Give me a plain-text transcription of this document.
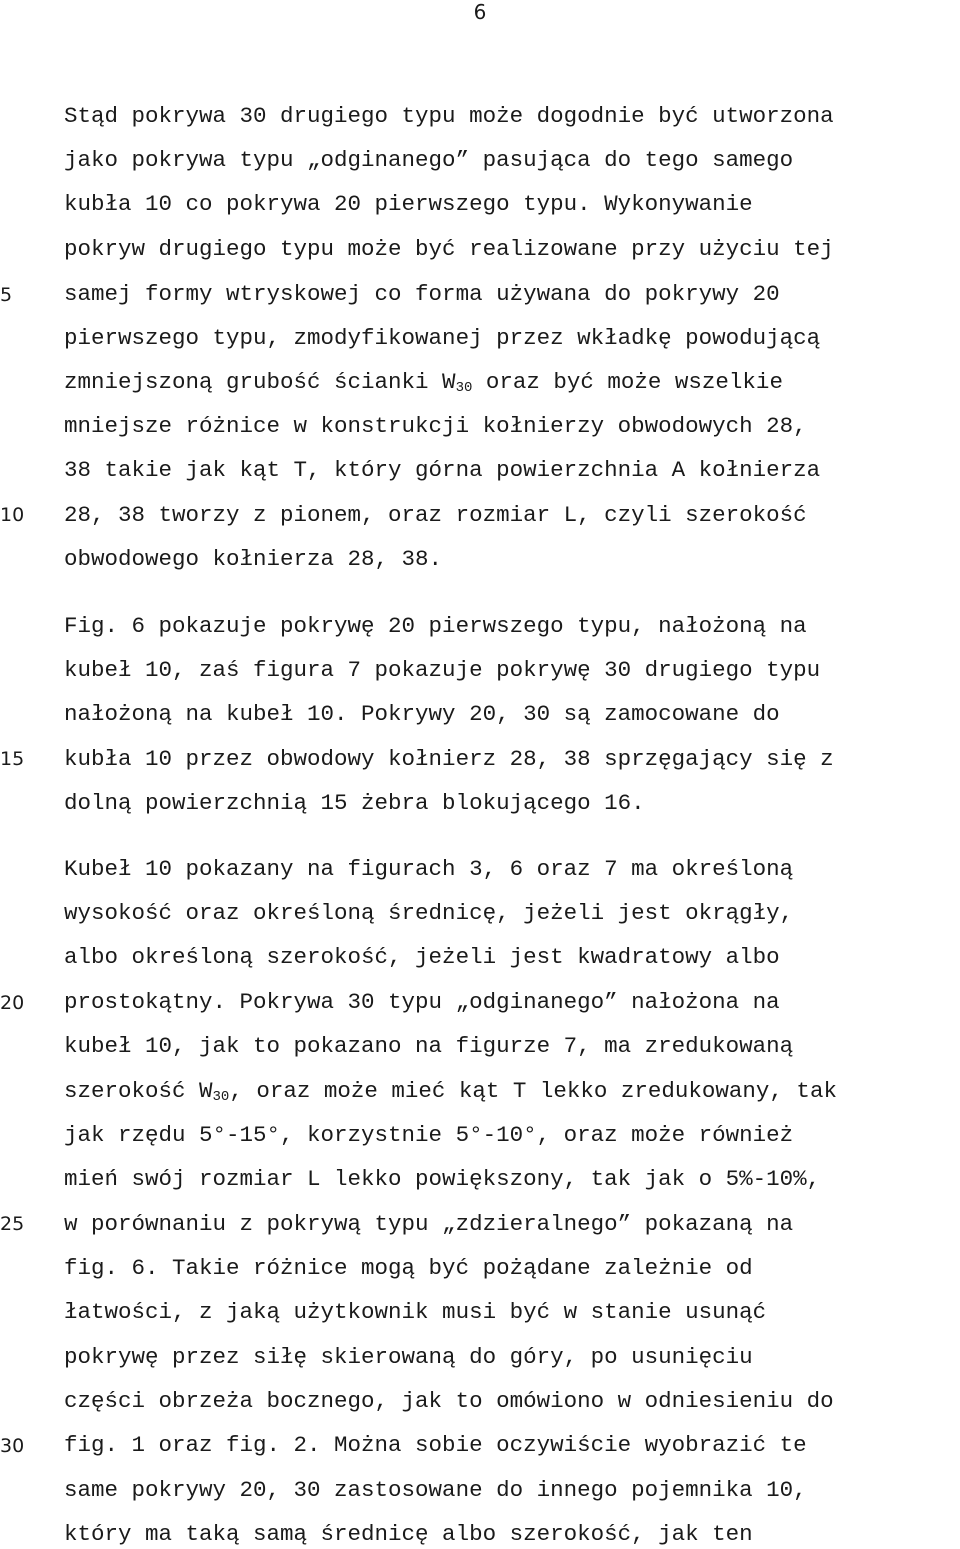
6
5
10
15
20
25
30
Stąd pokrywa 30 drugiego typu może dogodnie być utworzona
jako pokrywa typu „odginanego” pasująca do tego samego
kubła 10 co pokrywa 20 pierwszego typu. Wykonywanie
pokryw drugiego typu może być realizowane przy użyciu tej
samej formy wtryskowej co forma używana do pokrywy 20
pierwszego typu, zmodyfikowanej przez wkładkę powodującą
zmniejszoną grubość ścianki $W_{30}$ oraz być może wszelkie
mniejsze różnice w konstrukcji kołnierzy obwodowych 28,
38 takie jak kąt T, który górna powierzchnia A kołnierza
28, 38 tworzy z pionem, oraz rozmiar L, czyli szerokość
obwodowego kołnierza 28, 38.
Fig. 6 pokazuje pokrywę 20 pierwszego typu, nałożoną na
kubeł 10, zaś figura 7 pokazuje pokrywę 30 drugiego typu
nałożoną na kubeł 10. Pokrywy 20, 30 są zamocowane do
kubła 10 przez obwodowy kołnierz 28, 38 sprzęgający się z
dolną powierzchnią 15 żebra blokującego 16.
Kubeł 10 pokazany na figurach 3, 6 oraz 7 ma określoną
wysokość oraz określoną średnicę, jeżeli jest okrągły,
albo określoną szerokość, jeżeli jest kwadratowy albo
prostokątny. Pokrywa 30 typu „odginanego” nałożona na
kubeł 10, jak to pokazano na figurze 7, ma zredukowaną
szerokość $W_{30}$, oraz może mieć kąt T lekko zredukowany, tak
jak rzędu 5°-15°, korzystnie 5°-10°, oraz może również
mień swój rozmiar L lekko powiększony, tak jak o 5%-10%,
w porównaniu z pokrywą typu „zdzieralnego” pokazaną na
fig. 6. Takie różnice mogą być pożądane zależnie od
łatwości, z jaką użytkownik musi być w stanie usunąć
pokrywę przez siłę skierowaną do góry, po usunięciu
części obrzeża bocznego, jak to omówiono w odniesieniu do
fig. 1 oraz fig. 2. Można sobie oczywiście wyobrazić te
same pokrywy 20, 30 zastosowane do innego pojemnika 10,
który ma taką samą średnicę albo szerokość, jak ten
